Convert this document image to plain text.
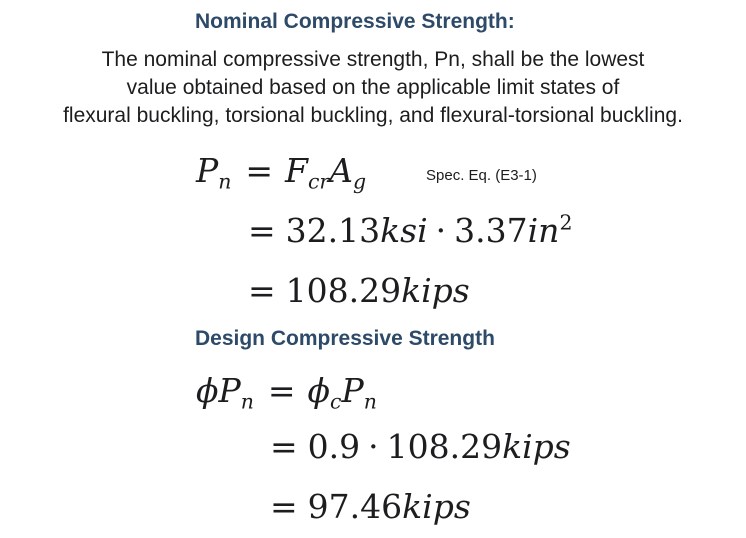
Nominal Compressive Strength:
The nominal compressive strength, Pn, shall be the lowest
value obtained based on the applicable limit states of
flexural buckling, torsional buckling, and flexural-torsional buckling.
$P_n = F_{cr}A_g$	Spec. Eq. (E3-1)
= $32.13ksi \cdot 3.37in^2$
= 108.29kips
Design Compressive Strength
$\phi P_n = \phi_cP_n$
= 0.9 · 108.29kips
= 97.46kips
